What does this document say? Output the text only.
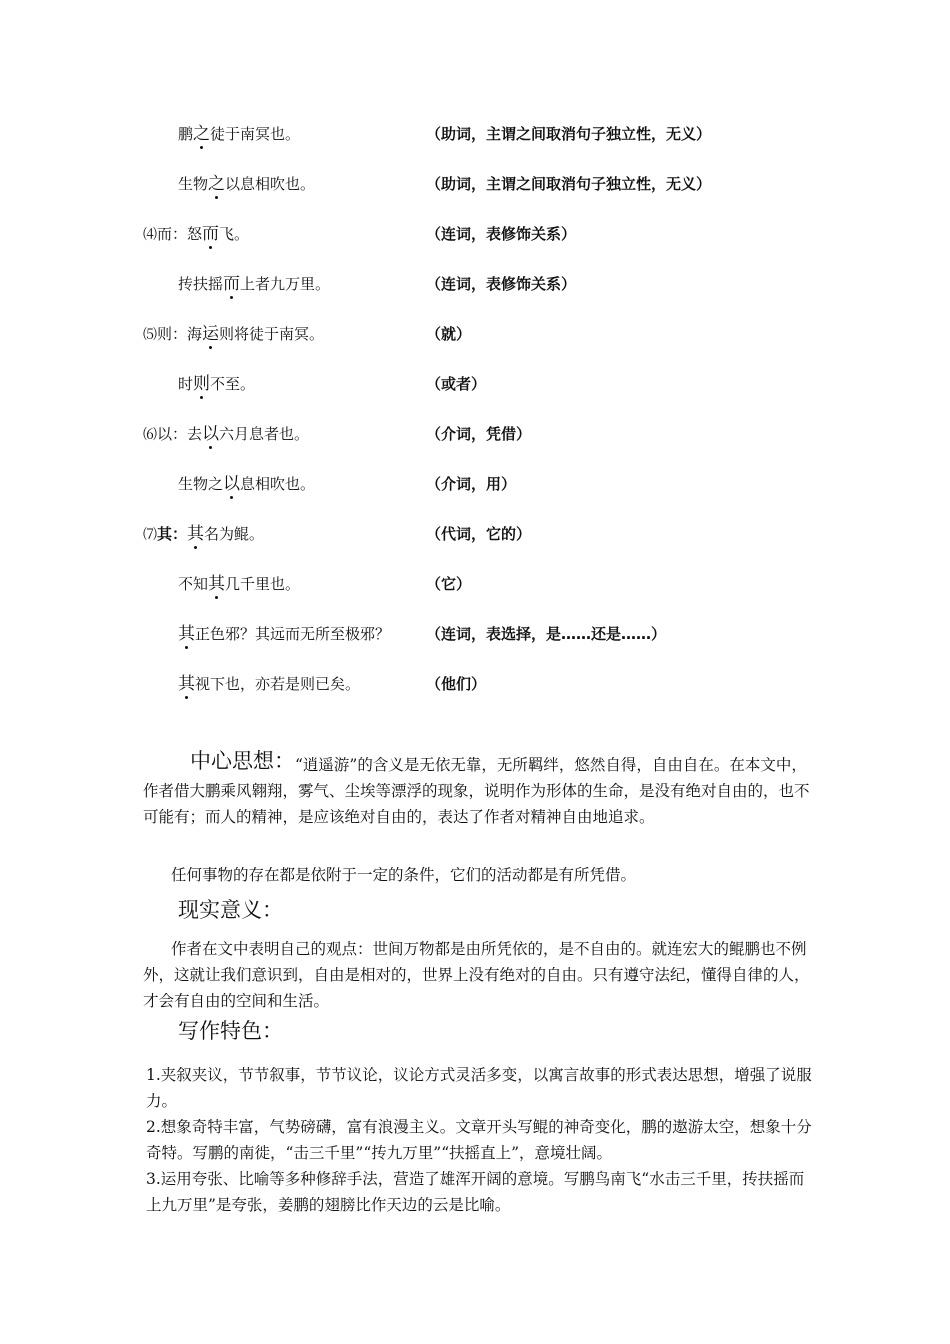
鹏之徒于南冥也。	（助词，主谓之间取消句子独立性，无义）
生物之以息相吹也。	（助词，主谓之间取消句子独立性，无义）
⑷而：怒而飞。	（连词，表修饰关系）
抟扶摇而上者九万里。	（连词，表修饰关系）
⑸则：海运则将徒于南冥。	（就）
时则不至。	（或者）
⑹以：去以六月息者也。	（介词，凭借）
生物之以息相吹也。	（介词，用）
⑺其：其名为鲲。	（代词，它的）
不知其几千里也。	（它）
其正色邪？其远而无所至极邪？ （连词，表选择，是……还是……）
其视下也，亦若是则已矣。	（他们）
中心思想： “逍遥游”的含义是无依无靠，无所羁绊，悠然自得，自由自在。在本文中，作者借大鹏乘风翱翔，雾气、尘埃等漂浮的现象，说明作为形体的生命，是没有绝对自由的，也不可能有；而人的精神，是应该绝对自由的，表达了作者对精神自由地追求。
任何事物的存在都是依附于一定的条件，它们的活动都是有所凭借。
现实意义：
作者在文中表明自己的观点：世间万物都是由所凭依的，是不自由的。就连宏大的鲲鹏也不例外，这就让我们意识到，自由是相对的，世界上没有绝对的自由。只有遵守法纪，懂得自律的人，才会有自由的空间和生活。
写作特色：

1.夹叙夹议，节节叙事，节节议论，议论方式灵活多变，以寓言故事的形式表达思想，增强了说服力。

2.想象奇特丰富，气势磅礴，富有浪漫主义。文章开头写鲲的神奇变化，鹏的遨游太空，想象十分奇特。写鹏的南徙，“击三千里”“抟九万里”“扶摇直上”，意境壮阔。

3.运用夸张、比喻等多种修辞手法，营造了雄浑开阔的意境。写鹏鸟南飞“水击三千里，抟扶摇而上九万里”是夸张，姜鹏的翅膀比作天边的云是比喻。
